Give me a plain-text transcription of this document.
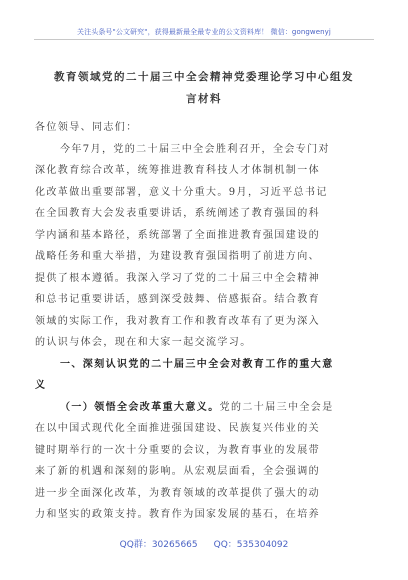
关注头条号"公文研究"，获得最新最全最专业的公文资料库！ 微信：gongwenyj
教育领域党的二十届三中全会精神党委理论学习中心组发
言材料
各位领导、同志们：
今年7月，党的二十届三中全会胜利召开，全会专门对
深化教育综合改革，统筹推进教育科技人才体制机制一体
化改革做出重要部署，意义十分重大。9月，习近平总书记
在全国教育大会发表重要讲话，系统阐述了教育强国的科
学内涵和基本路径，系统部署了全面推进教育强国建设的
战略任务和重大举措，为建设教育强国指明了前进方向、
提供了根本遵循。我深入学习了党的二十届三中全会精神
和总书记重要讲话，感到深受鼓舞、倍感振奋。结合教育
领域的实际工作，我对教育工作和教育改革有了更为深入
的认识与体会，现在和大家一起交流学习。
一、深刻认识党的二十届三中全会对教育工作的重大意
义
（一）领悟全会改革重大意义。党的二十届三中全会是
在以中国式现代化全面推进强国建设、民族复兴伟业的关
键时期举行的一次十分重要的会议，为教育事业的发展带
来了新的机遇和深刻的影响。从宏观层面看，全会强调的
进一步全面深化改革，为教育领域的改革提供了强大的动
力和坚实的政策支持。教育作为国家发展的基石，在培养
QQ群：30265665 QQ：535304092
